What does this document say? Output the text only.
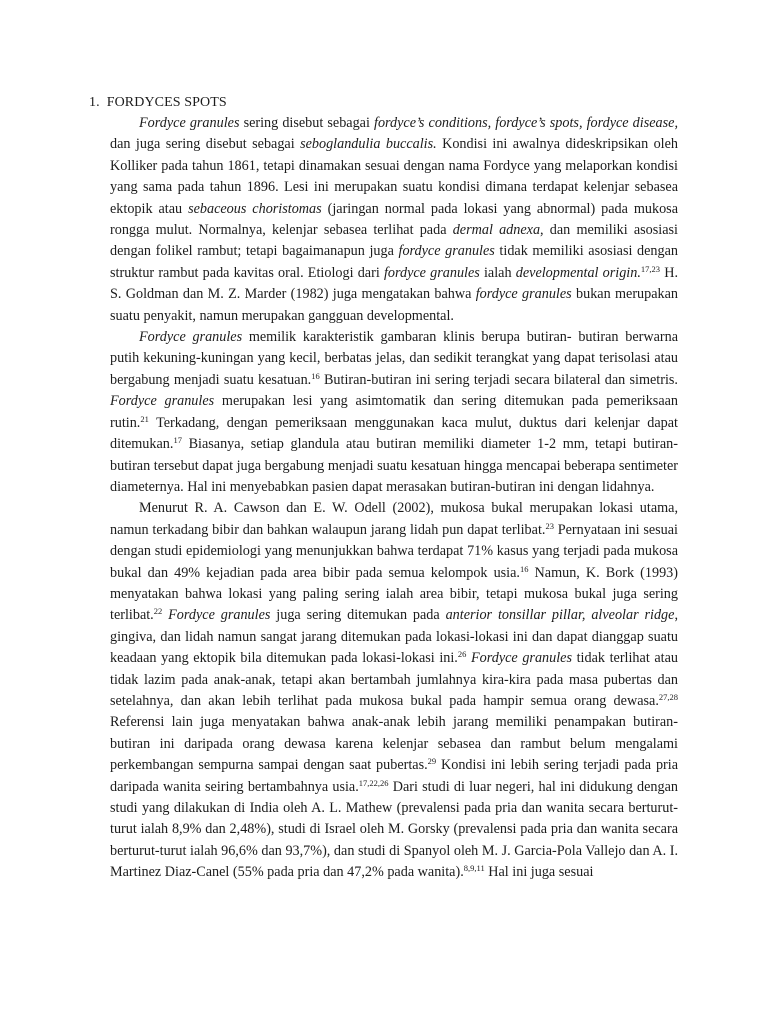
1. FORDYCES SPOTS

Fordyce granules sering disebut sebagai fordyce’s conditions, fordyce’s spots, fordyce disease, dan juga sering disebut sebagai seboglandulia buccalis. Kondisi ini awalnya dideskripsikan oleh Kolliker pada tahun 1861, tetapi dinamakan sesuai dengan nama Fordyce yang melaporkan kondisi yang sama pada tahun 1896. Lesi ini merupakan suatu kondisi dimana terdapat kelenjar sebasea ektopik atau sebaceous choristomas (jaringan normal pada lokasi yang abnormal) pada mukosa rongga mulut. Normalnya, kelenjar sebasea terlihat pada dermal adnexa, dan memiliki asosiasi dengan folikel rambut; tetapi bagaimanapun juga fordyce granules tidak memiliki asosiasi dengan struktur rambut pada kavitas oral. Etiologi dari fordyce granules ialah developmental origin.$^{17,23}$ H. S. Goldman dan M. Z. Marder (1982) juga mengatakan bahwa fordyce granules bukan merupakan suatu penyakit, namun merupakan gangguan developmental.

Fordyce granules memilik karakteristik gambaran klinis berupa butiran- butiran berwarna putih kekuning-kuningan yang kecil, berbatas jelas, dan sedikit terangkat yang dapat terisolasi atau bergabung menjadi suatu kesatuan.$^{16}$ Butiran-butiran ini sering terjadi secara bilateral dan simetris. Fordyce granules merupakan lesi yang asimtomatik dan sering ditemukan pada pemeriksaan rutin.$^{21}$ Terkadang, dengan pemeriksaan menggunakan kaca mulut, duktus dari kelenjar dapat ditemukan.$^{17}$ Biasanya, setiap glandula atau butiran memiliki diameter 1-2 mm, tetapi butiran-butiran tersebut dapat juga bergabung menjadi suatu kesatuan hingga mencapai beberapa sentimeter diameternya. Hal ini menyebabkan pasien dapat merasakan butiran-butiran ini dengan lidahnya.

Menurut R. A. Cawson dan E. W. Odell (2002), mukosa bukal merupakan lokasi utama, namun terkadang bibir dan bahkan walaupun jarang lidah pun dapat terlibat.$^{23}$ Pernyataan ini sesuai dengan studi epidemiologi yang menunjukkan bahwa terdapat 71% kasus yang terjadi pada mukosa bukal dan 49% kejadian pada area bibir pada semua kelompok usia.$^{16}$ Namun, K. Bork (1993) menyatakan bahwa lokasi yang paling sering ialah area bibir, tetapi mukosa bukal juga sering terlibat.$^{22}$ Fordyce granules juga sering ditemukan pada anterior tonsillar pillar, alveolar ridge, gingiva, dan lidah namun sangat jarang ditemukan pada lokasi-lokasi ini dan dapat dianggap suatu keadaan yang ektopik bila ditemukan pada lokasi-lokasi ini.$^{26}$ Fordyce granules tidak terlihat atau tidak lazim pada anak-anak, tetapi akan bertambah jumlahnya kira-kira pada masa pubertas dan setelahnya, dan akan lebih terlihat pada mukosa bukal pada hampir semua orang dewasa.$^{27,28}$ Referensi lain juga menyatakan bahwa anak-anak lebih jarang memiliki penampakan butiran-butiran ini daripada orang dewasa karena kelenjar sebasea dan rambut belum mengalami perkembangan sempurna sampai dengan saat pubertas.$^{29}$ Kondisi ini lebih sering terjadi pada pria daripada wanita seiring bertambahnya usia.$^{17,22,26}$ Dari studi di luar negeri, hal ini didukung dengan studi yang dilakukan di India oleh A. L. Mathew (prevalensi pada pria dan wanita secara berturut-turut ialah 8,9% dan 2,48%), studi di Israel oleh M. Gorsky (prevalensi pada pria dan wanita secara berturut-turut ialah 96,6% dan 93,7%), dan studi di Spanyol oleh M. J. Garcia-Pola Vallejo dan A. I. Martinez Diaz-Canel (55% pada pria dan 47,2% pada wanita).$^{8,9,11}$ Hal ini juga sesuai
